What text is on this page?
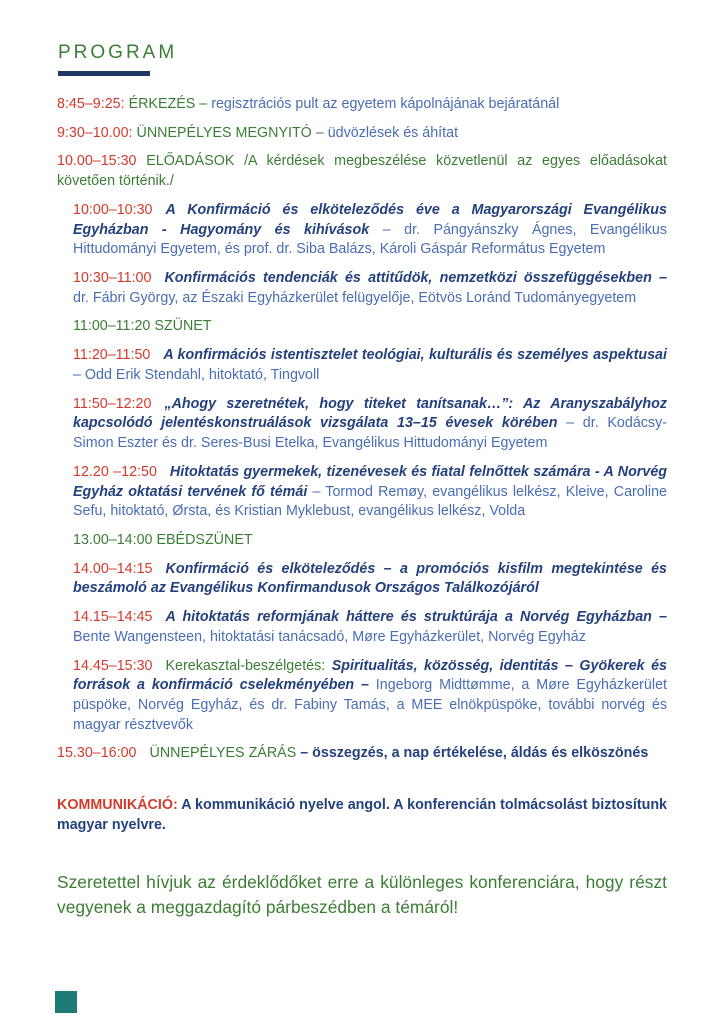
PROGRAM

8:45–9:25: ÉRKEZÉS – regisztrációs pult az egyetem kápolnájának bejáratánál

9:30–10.00: ÜNNEPÉLYES MEGNYITÓ – üdvözlések és áhítat

10.00–15:30 ELŐADÁSOK /A kérdések megbeszélése közvetlenül az egyes előadásokat követően történik./

10:00–10:30 A Konfirmáció és elköteleződés éve a Magyarországi Evangélikus Egyházban - Hagyomány és kihívások – dr. Pángyánszky Ágnes, Evangélikus Hittudományi Egyetem, és prof. dr. Siba Balázs, Károli Gáspár Református Egyetem

10:30–11:00 Konfirmációs tendenciák és attitűdök, nemzetközi összefüggésekben – dr. Fábri György, az Északi Egyházkerület felügyelője, Eötvös Loránd Tudományegyetem

11:00–11:20 SZÜNET

11:20–11:50 A konfirmációs istentisztelet teológiai, kulturális és személyes aspektusai – Odd Erik Stendahl, hitoktató, Tingvoll

11:50–12:20 „Ahogy szeretnétek, hogy titeket tanítsanak…”: Az Aranyszabályhoz kapcsolódó jelentéskonstruálások vizsgálata 13–15 évesek körében – dr. Kodácsy-Simon Eszter és dr. Seres-Busi Etelka, Evangélikus Hittudományi Egyetem

12.20 –12:50 Hitoktatás gyermekek, tizenévesek és fiatal felnőttek számára - A Norvég Egyház oktatási tervének fő témái – Tormod Remøy, evangélikus lelkész, Kleive, Caroline Sefu, hitoktató, Ørsta, és Kristian Myklebust, evangélikus lelkész, Volda

13.00–14:00 EBÉDSZÜNET

14.00–14:15 Konfirmáció és elköteleződés – a promóciós kisfilm megtekintése és beszámoló az Evangélikus Konfirmandusok Országos Találkozójáról

14.15–14:45 A hitoktatás reformjának háttere és struktúrája a Norvég Egyházban – Bente Wangensteen, hitoktatási tanácsadó, Møre Egyházkerület, Norvég Egyház

14.45–15:30 Kerekasztal-beszélgetés: Spiritualitás, közösség, identitás – Gyökerek és források a konfirmáció cselekményében – Ingeborg Midttømme, a Møre Egyházkerület püspöke, Norvég Egyház, és dr. Fabiny Tamás, a MEE elnökpüspöke, további norvég és magyar résztvevők

15.30–16:00 ÜNNEPÉLYES ZÁRÁS – összegzés, a nap értékelése, áldás és elköszönés

KOMMUNIKÁCIÓ: A kommunikáció nyelve angol. A konferencián tolmácsolást biztosítunk magyar nyelvre.

Szeretettel hívjuk az érdeklődőket erre a különleges konferenciára, hogy részt vegyenek a meggazdagító párbeszédben a témáról!
